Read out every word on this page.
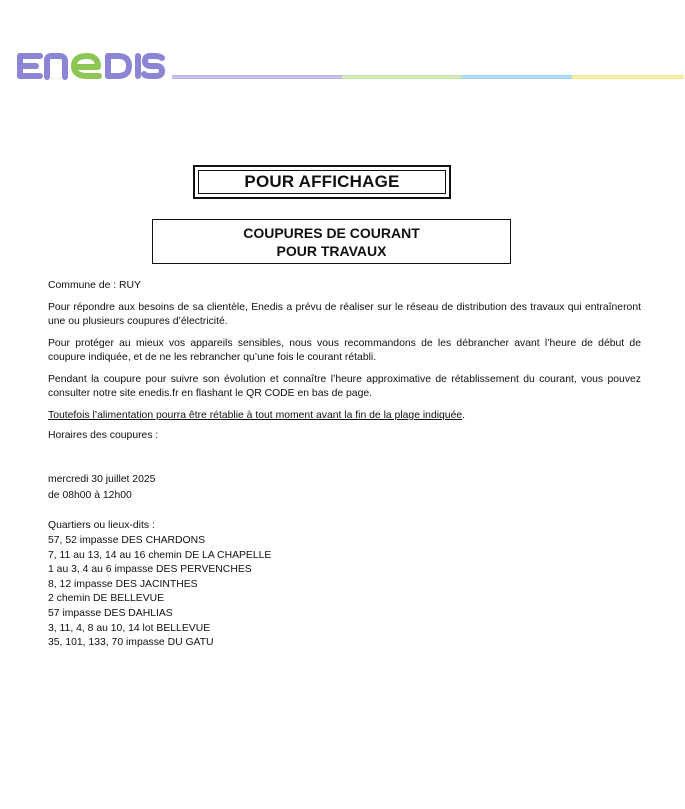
POUR AFFICHAGE
COUPURES DE COURANT
POUR TRAVAUX

Commune de : RUY

Pour répondre aux besoins de sa clientèle, Enedis a prévu de réaliser sur le réseau de distribution des travaux qui entraîneront une ou plusieurs coupures d’électricité.

Pour protéger au mieux vos appareils sensibles, nous vous recommandons de les débrancher avant l’heure de début de coupure indiquée, et de ne les rebrancher qu’une fois le courant rétabli.

Pendant la coupure pour suivre son évolution et connaître l’heure approximative de rétablissement du courant, vous pouvez consulter notre site enedis.fr en flashant le QR CODE en bas de page.

Toutefois l’alimentation pourra être rétablie à tout moment avant la fin de la plage indiquée.

Horaires des coupures :

mercredi 30 juillet 2025

de 08h00 à 12h00

Quartiers ou lieux-dits :

57, 52 impasse DES CHARDONS

7, 11 au 13, 14 au 16 chemin DE LA CHAPELLE

1 au 3, 4 au 6 impasse DES PERVENCHES

8, 12 impasse DES JACINTHES

2 chemin DE BELLEVUE

57 impasse DES DAHLIAS

3, 11, 4, 8 au 10, 14 lot BELLEVUE

35, 101, 133, 70 impasse DU GATU
